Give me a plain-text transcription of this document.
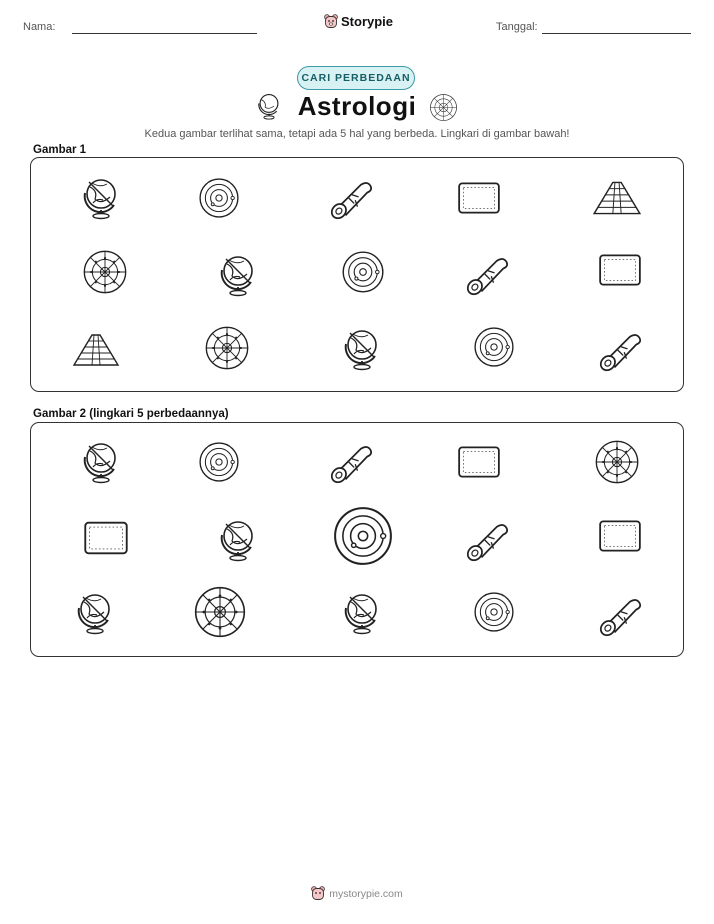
Nama:	Storypie	Tanggal:
CARI PERBEDAAN
Astrologi
Kedua gambar terlihat sama, tetapi ada 5 hal yang berbeda. Lingkari di gambar bawah!
Gambar 1
Gambar 2 (lingkari 5 perbedaannya)
mystorypie.com
